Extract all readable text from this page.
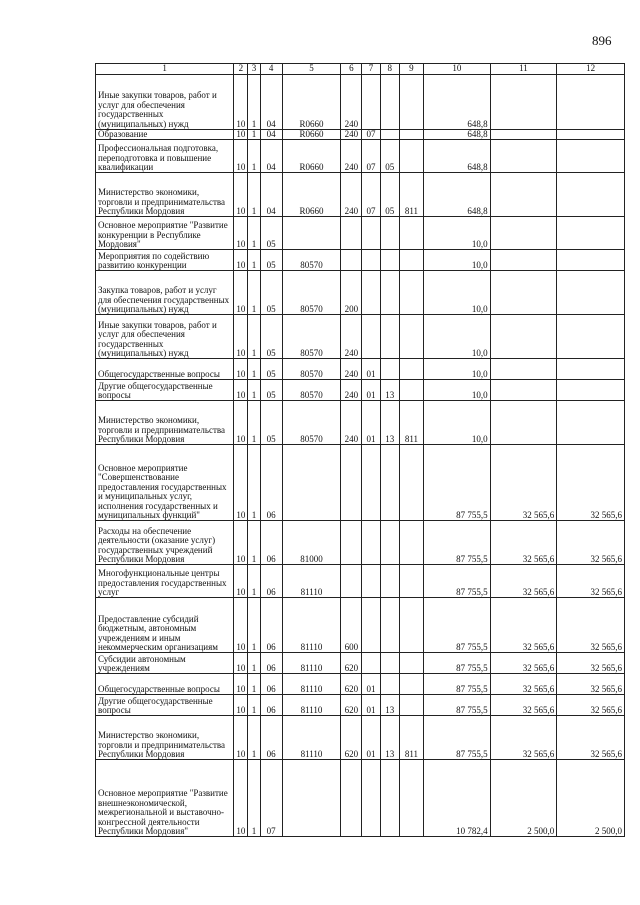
896
1	2	3	4	5	6	7	8	9	10	11	12
Иные закупки товаров, работ и услуг для обеспечения государственных (муниципальных) нужд	10	1	04	R0660	240				648,8		
Образование	10	1	04	R0660	240	07			648,8		
Профессиональная подготовка, переподготовка и повышение квалификации	10	1	04	R0660	240	07	05		648,8		
Министерство экономики, торговли и предпринимательства Республики Мордовия	10	1	04	R0660	240	07	05	811	648,8		
Основное мероприятие "Развитие конкуренции в Республике Мордовия"	10	1	05						10,0		
Мероприятия по содействию развитию конкуренции	10	1	05	80570					10,0		
Закупка товаров, работ и услуг для обеспечения государственных (муниципальных) нужд	10	1	05	80570	200				10,0		
Иные закупки товаров, работ и услуг для обеспечения государственных (муниципальных) нужд	10	1	05	80570	240				10,0		
Общегосударственные вопросы	10	1	05	80570	240	01			10,0		
Другие общегосударственные вопросы	10	1	05	80570	240	01	13		10,0		
Министерство экономики, торговли и предпринимательства Республики Мордовия	10	1	05	80570	240	01	13	811	10,0		
Основное мероприятие "Совершенствование предоставления государственных и муниципальных услуг, исполнения государственных и муниципальных функций"	10	1	06						87 755,5	32 565,6	32 565,6
Расходы на обеспечение деятельности (оказание услуг) государственных учреждений Республики Мордовия	10	1	06	81000					87 755,5	32 565,6	32 565,6
Многофункциональные центры предоставления государственных услуг	10	1	06	81110					87 755,5	32 565,6	32 565,6
Предоставление субсидий бюджетным, автономным учреждениям и иным некоммерческим организациям	10	1	06	81110	600				87 755,5	32 565,6	32 565,6
Субсидии автономным учреждениям	10	1	06	81110	620				87 755,5	32 565,6	32 565,6
Общегосударственные вопросы	10	1	06	81110	620	01			87 755,5	32 565,6	32 565,6
Другие общегосударственные вопросы	10	1	06	81110	620	01	13		87 755,5	32 565,6	32 565,6
Министерство экономики, торговли и предпринимательства Республики Мордовия	10	1	06	81110	620	01	13	811	87 755,5	32 565,6	32 565,6
Основное мероприятие "Развитие внешнеэкономической, межрегиональной и выставочно-конгрессной деятельности Республики Мордовия"	10	1	07						10 782,4	2 500,0	2 500,0
